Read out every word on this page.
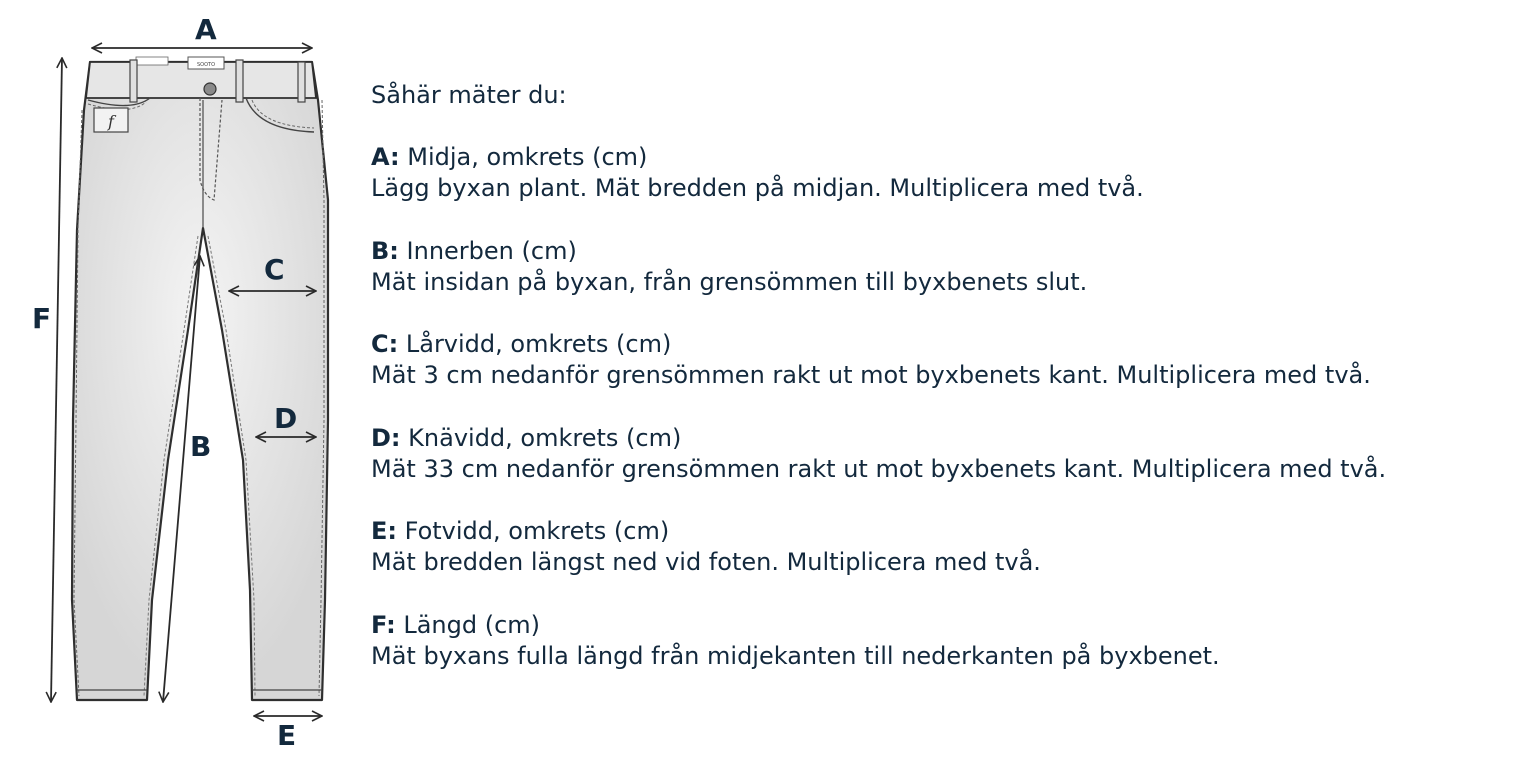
SOOTO
f
A
B
C
D
E
F

Såhär mäter du:

A: Midja, omkrets (cm)

Lägg byxan plant. Mät bredden på midjan. Multiplicera med två.

B: Innerben (cm)

Mät insidan på byxan, från grensömmen till byxbenets slut.

C: Lårvidd, omkrets (cm)

Mät 3 cm nedanför grensömmen rakt ut mot byxbenets kant. Multiplicera med två.

D: Knävidd, omkrets (cm)

Mät 33 cm nedanför grensömmen rakt ut mot byxbenets kant. Multiplicera med två.

E: Fotvidd, omkrets (cm)

Mät bredden längst ned vid foten. Multiplicera med två.

F: Längd (cm)

Mät byxans fulla längd från midjekanten till nederkanten på byxbenet.
